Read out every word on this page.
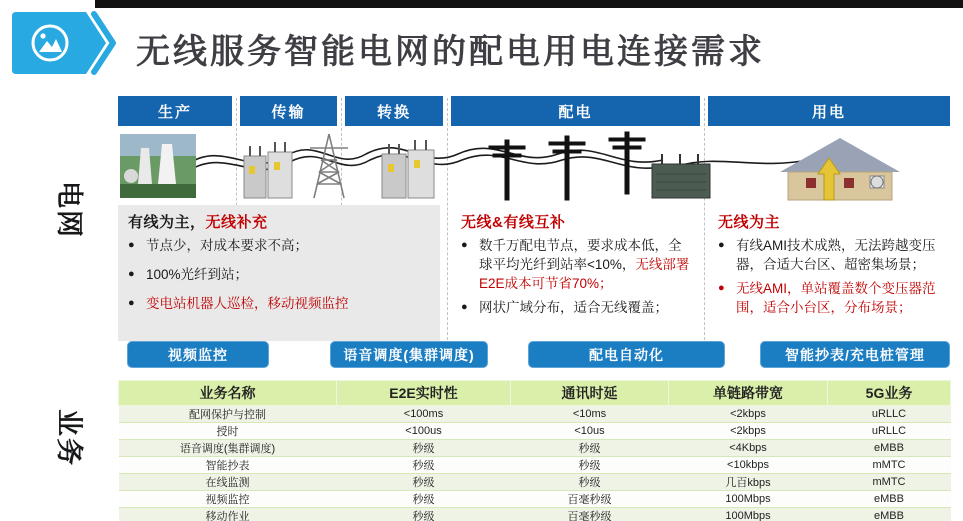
无线服务智能电网的配电用电连接需求
生产	传输	转换	配电	用电
电网
业务
有线为主，无线补充
● 节点少，对成本要求不高；
● 100%光纤到站；
● 变电站机器人巡检，移动视频监控
无线&有线互补
● 数千万配电节点，要求成本低，全球平均光纤到站率<10%，无线部署E2E成本可节省70%；
● 网状广域分布，适合无线覆盖；
无线为主
● 有线AMI技术成熟，无法跨越变压器，合适大台区、超密集场景；
● 无线AMI，单站覆盖数个变压器范围，适合小台区，分布场景；
视频监控	语音调度(集群调度)	配电自动化	智能抄表/充电桩管理
业务名称	E2E实时性	通讯时延	单链路带宽	5G业务
配网保护与控制	<100ms	<10ms	<2kbps	uRLLC
授时	<100us	<10us	<2kbps	uRLLC
语音调度(集群调度)	秒级	秒级	<4Kbps	eMBB
智能抄表	秒级	秒级	<10kbps	mMTC
在线监测	秒级	秒级	几百kbps	mMTC
视频监控	秒级	百毫秒级	100Mbps	eMBB
移动作业	秒级	百毫秒级	100Mbps	eMBB
